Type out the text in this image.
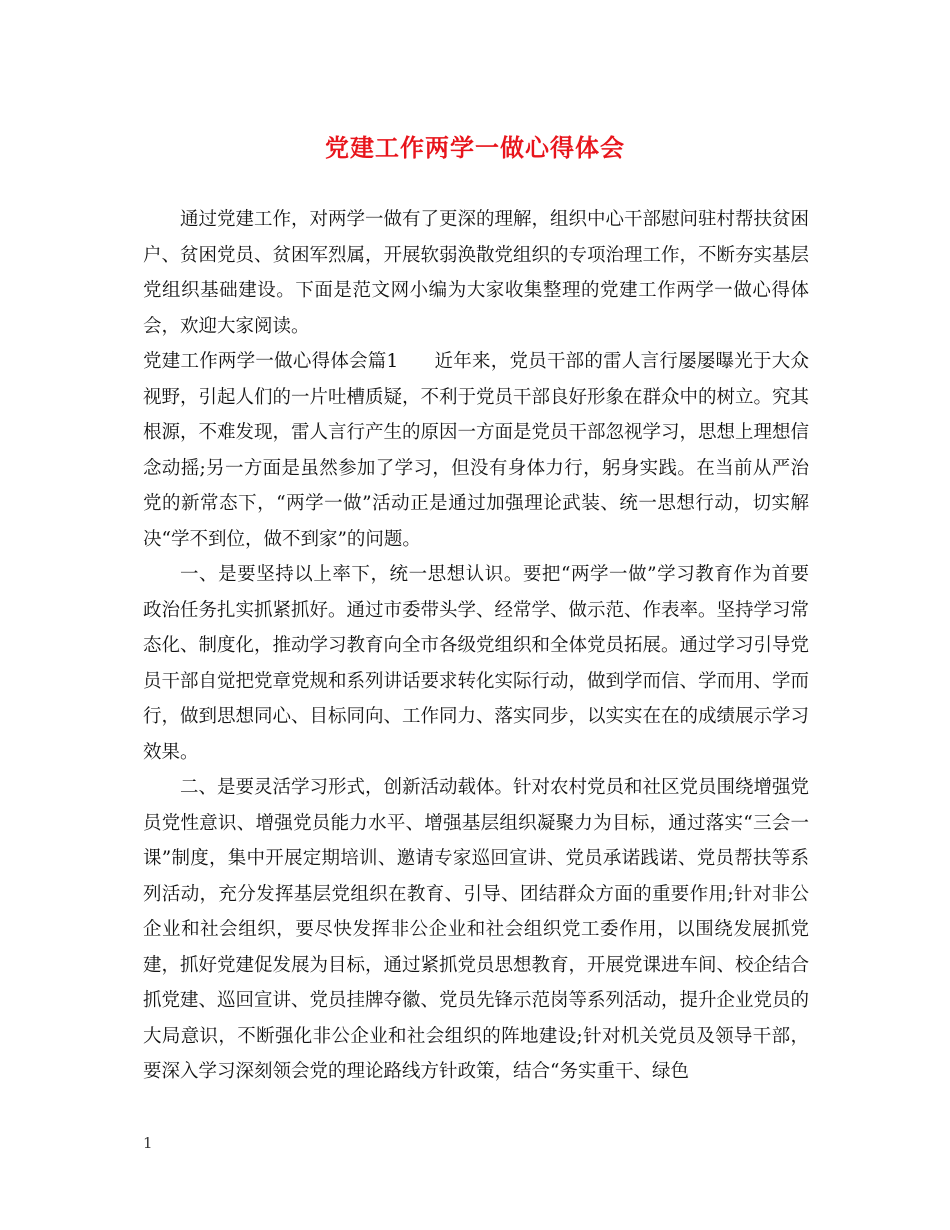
党建工作两学一做心得体会

通过党建工作，对两学一做有了更深的理解，组织中心干部慰问驻村帮扶贫困户、贫困党员、贫困军烈属，开展软弱涣散党组织的专项治理工作，不断夯实基层党组织基础建设。下面是范文网小编为大家收集整理的党建工作两学一做心得体会，欢迎大家阅读。

党建工作两学一做心得体会篇1 近年来，党员干部的雷人言行屡屡曝光于大众视野，引起人们的一片吐槽质疑，不利于党员干部良好形象在群众中的树立。究其根源，不难发现，雷人言行产生的原因一方面是党员干部忽视学习，思想上理想信念动摇;另一方面是虽然参加了学习，但没有身体力行，躬身实践。在当前从严治党的新常态下，“两学一做”活动正是通过加强理论武装、统一思想行动，切实解决“学不到位，做不到家”的问题。

一、是要坚持以上率下，统一思想认识。要把“两学一做”学习教育作为首要政治任务扎实抓紧抓好。通过市委带头学、经常学、做示范、作表率。坚持学习常态化、制度化，推动学习教育向全市各级党组织和全体党员拓展。通过学习引导党员干部自觉把党章党规和系列讲话要求转化实际行动，做到学而信、学而用、学而行，做到思想同心、目标同向、工作同力、落实同步，以实实在在的成绩展示学习效果。

二、是要灵活学习形式，创新活动载体。针对农村党员和社区党员围绕增强党员党性意识、增强党员能力水平、增强基层组织凝聚力为目标，通过落实“三会一课”制度，集中开展定期培训、邀请专家巡回宣讲、党员承诺践诺、党员帮扶等系列活动，充分发挥基层党组织在教育、引导、团结群众方面的重要作用;针对非公企业和社会组织，要尽快发挥非公企业和社会组织党工委作用，以围绕发展抓党建，抓好党建促发展为目标，通过紧抓党员思想教育，开展党课进车间、校企结合抓党建、巡回宣讲、党员挂牌夺徽、党员先锋示范岗等系列活动，提升企业党员的大局意识，不断强化非公企业和社会组织的阵地建设;针对机关党员及领导干部，要深入学习深刻领会党的理论路线方针政策，结合“务实重干、绿色

1
